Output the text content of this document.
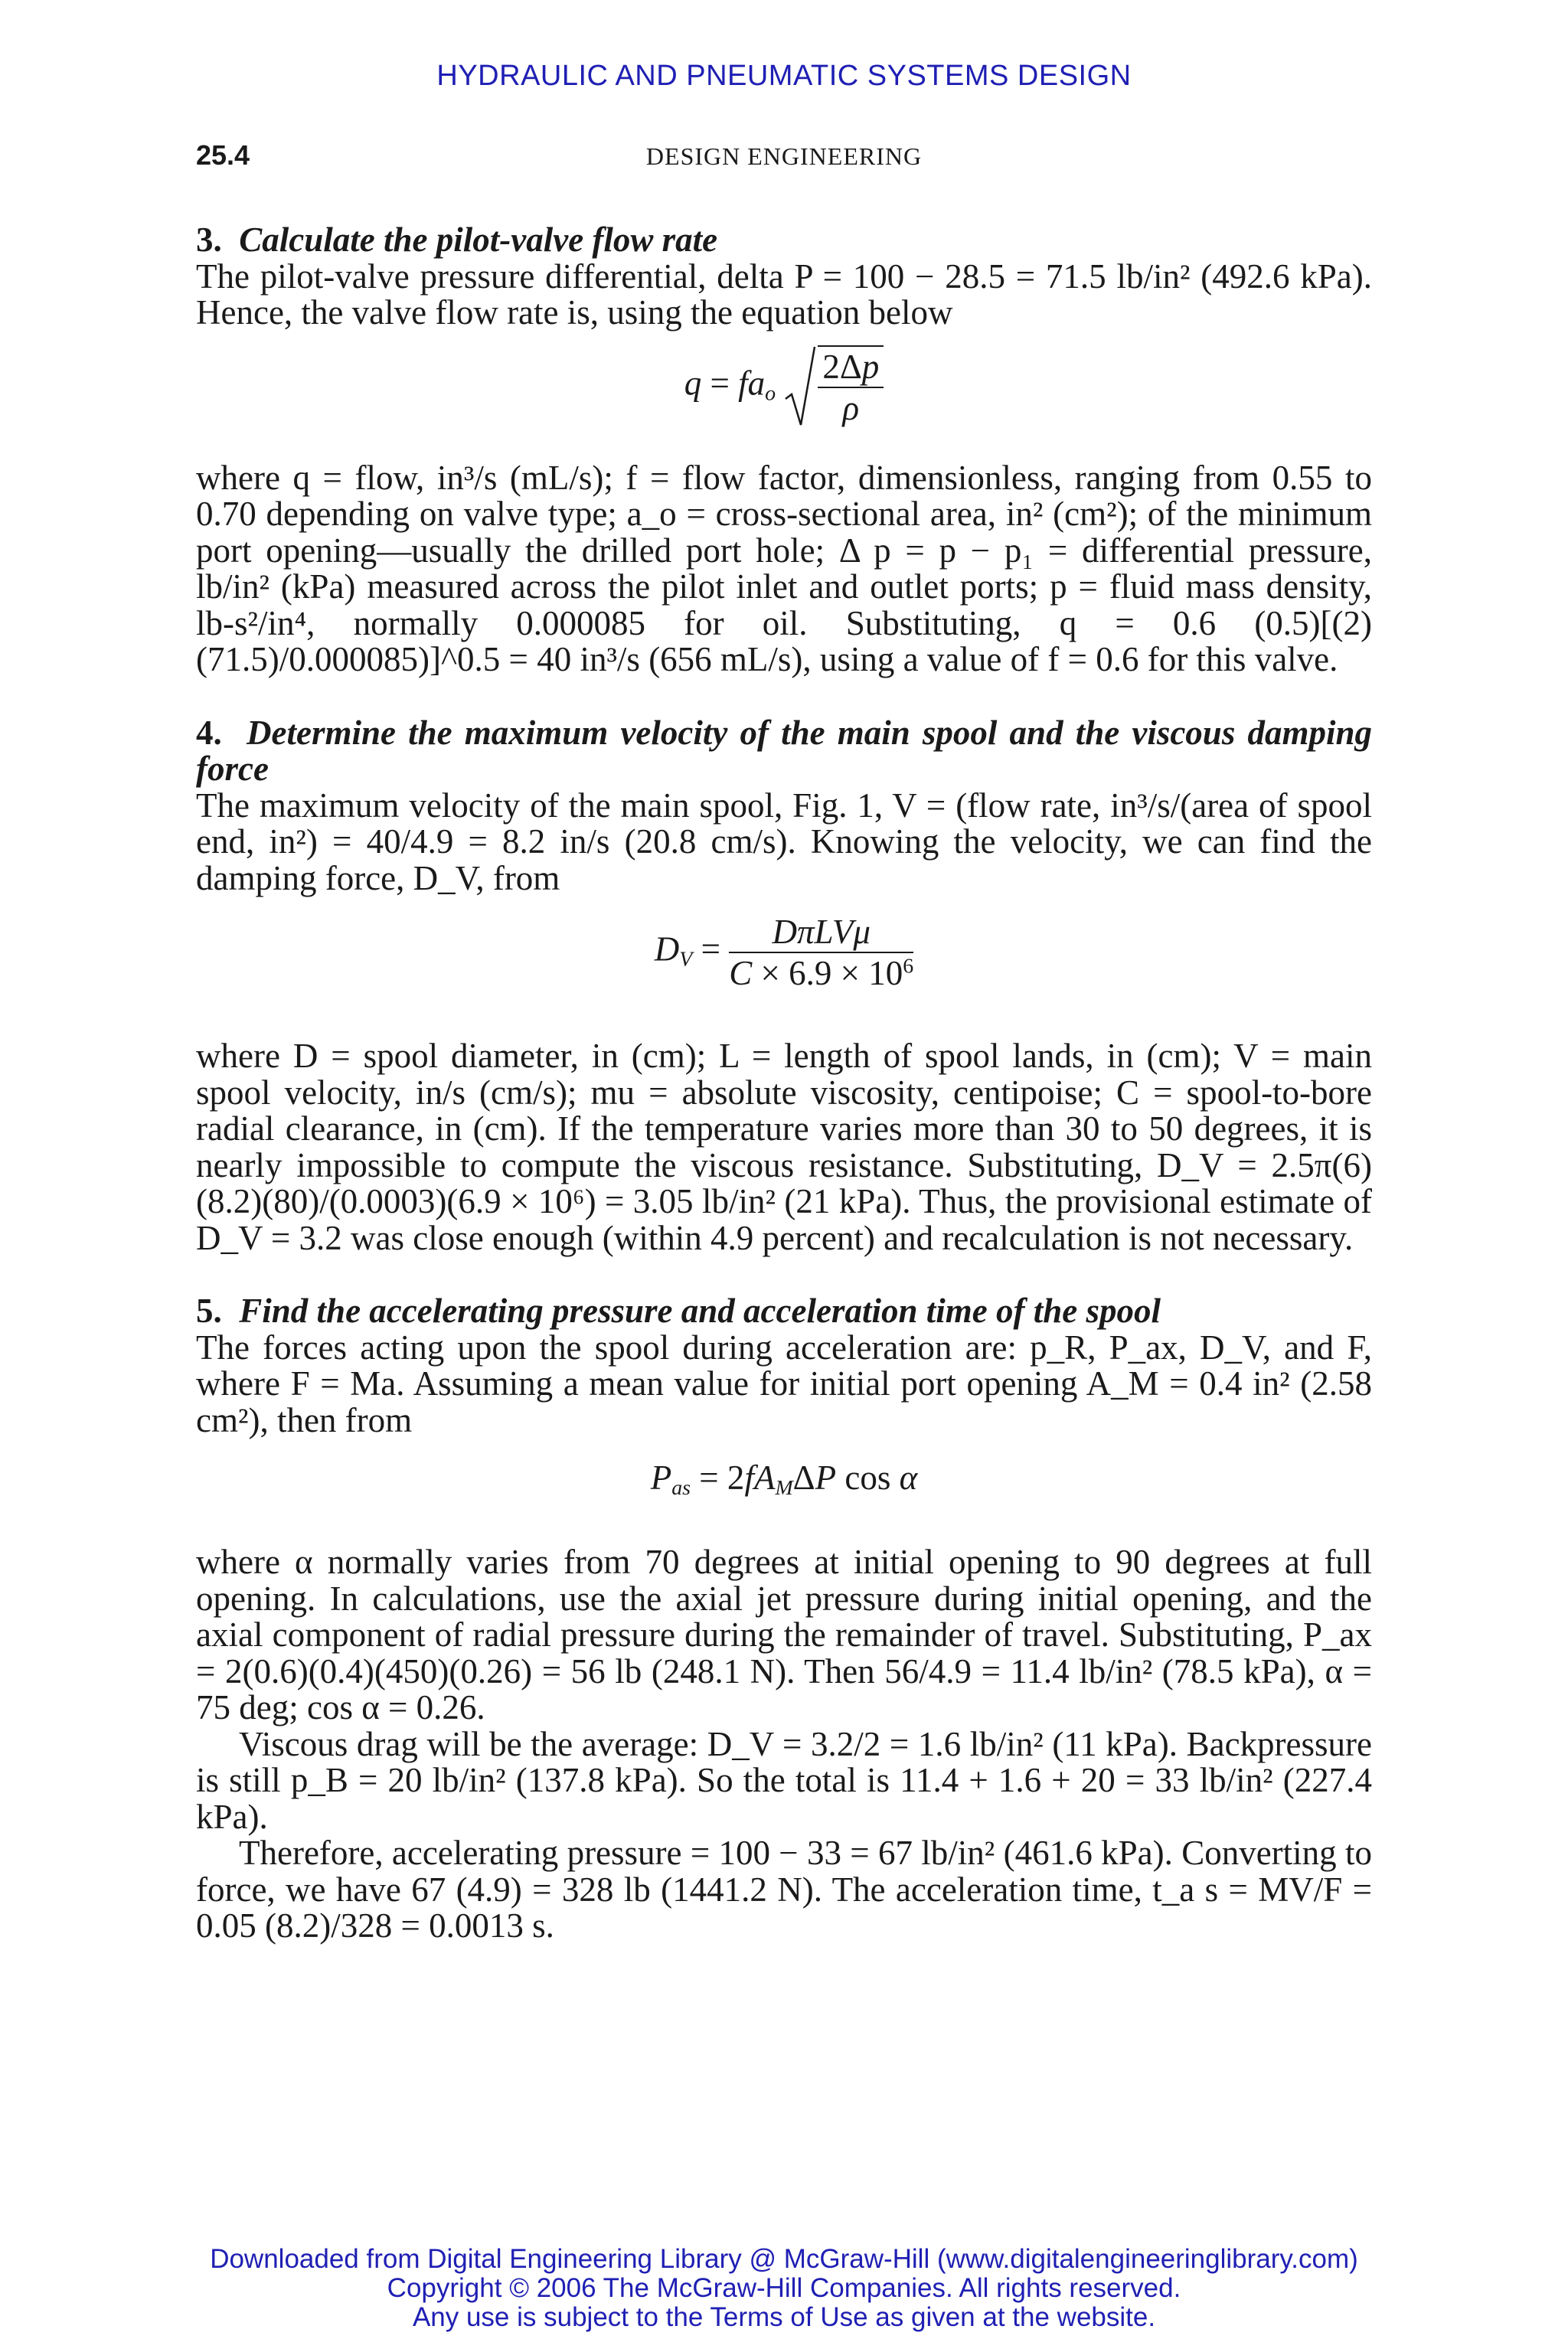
HYDRAULIC AND PNEUMATIC SYSTEMS DESIGN
25.4	DESIGN ENGINEERING

3. Calculate the pilot-valve flow rate

The pilot-valve pressure differential, delta P = 100 − 28.5 = 71.5 lb/in² (492.6 kPa). Hence, the valve flow rate is, using the equation below

$q = fa_o \frac{2\Delta p}{\rho}$

where q = flow, in³/s (mL/s); f = flow factor, dimensionless, ranging from 0.55 to 0.70 depending on valve type; a_o = cross-sectional area, in² (cm²); of the minimum port opening—usually the drilled port hole; Δ p = p − p₁ = differential pressure, lb/in² (kPa) measured across the pilot inlet and outlet ports; p = fluid mass density, lb-s²/in⁴, normally 0.000085 for oil. Substituting, q = 0.6 (0.5)[(2)(71.5)/0.000085)]^0.5 = 40 in³/s (656 mL/s), using a value of f = 0.6 for this valve.

4. Determine the maximum velocity of the main spool and the viscous damping force

The maximum velocity of the main spool, Fig. 1, V = (flow rate, in³/s/(area of spool end, in²) = 40/4.9 = 8.2 in/s (20.8 cm/s). Knowing the velocity, we can find the damping force, D_V, from

$D_V = \frac{\text{DπLVμ}}{C \times 6.9 \times 10^6}$

where D = spool diameter, in (cm); L = length of spool lands, in (cm); V = main spool velocity, in/s (cm/s); mu = absolute viscosity, centipoise; C = spool-to-bore radial clearance, in (cm). If the temperature varies more than 30 to 50 degrees, it is nearly impossible to compute the viscous resistance. Substituting, D_V = 2.5π(6)(8.2)(80)/(0.0003)(6.9 × 10⁶) = 3.05 lb/in² (21 kPa). Thus, the provisional estimate of D_V = 3.2 was close enough (within 4.9 percent) and recalculation is not necessary.

5. Find the accelerating pressure and acceleration time of the spool

The forces acting upon the spool during acceleration are: p_R, P_ax, D_V, and F, where F = Ma. Assuming a mean value for initial port opening A_M = 0.4 in² (2.58 cm²), then from

$P_{as} = 2fA_M\Delta P$ cos α

where α normally varies from 70 degrees at initial opening to 90 degrees at full opening. In calculations, use the axial jet pressure during initial opening, and the axial component of radial pressure during the remainder of travel. Substituting, P_ax = 2(0.6)(0.4)(450)(0.26) = 56 lb (248.1 N). Then 56/4.9 = 11.4 lb/in² (78.5 kPa), α = 75 deg; cos α = 0.26.

Viscous drag will be the average: D_V = 3.2/2 = 1.6 lb/in² (11 kPa). Backpressure is still p_B = 20 lb/in² (137.8 kPa). So the total is 11.4 + 1.6 + 20 = 33 lb/in² (227.4 kPa).

Therefore, accelerating pressure = 100 − 33 = 67 lb/in² (461.6 kPa). Converting to force, we have 67 (4.9) = 328 lb (1441.2 N). The acceleration time, t_a s = MV/F = 0.05 (8.2)/328 = 0.0013 s.

Downloaded from Digital Engineering Library @ McGraw-Hill (www.digitalengineeringlibrary.com)
Copyright © 2006 The McGraw-Hill Companies. All rights reserved.
Any use is subject to the Terms of Use as given at the website.
